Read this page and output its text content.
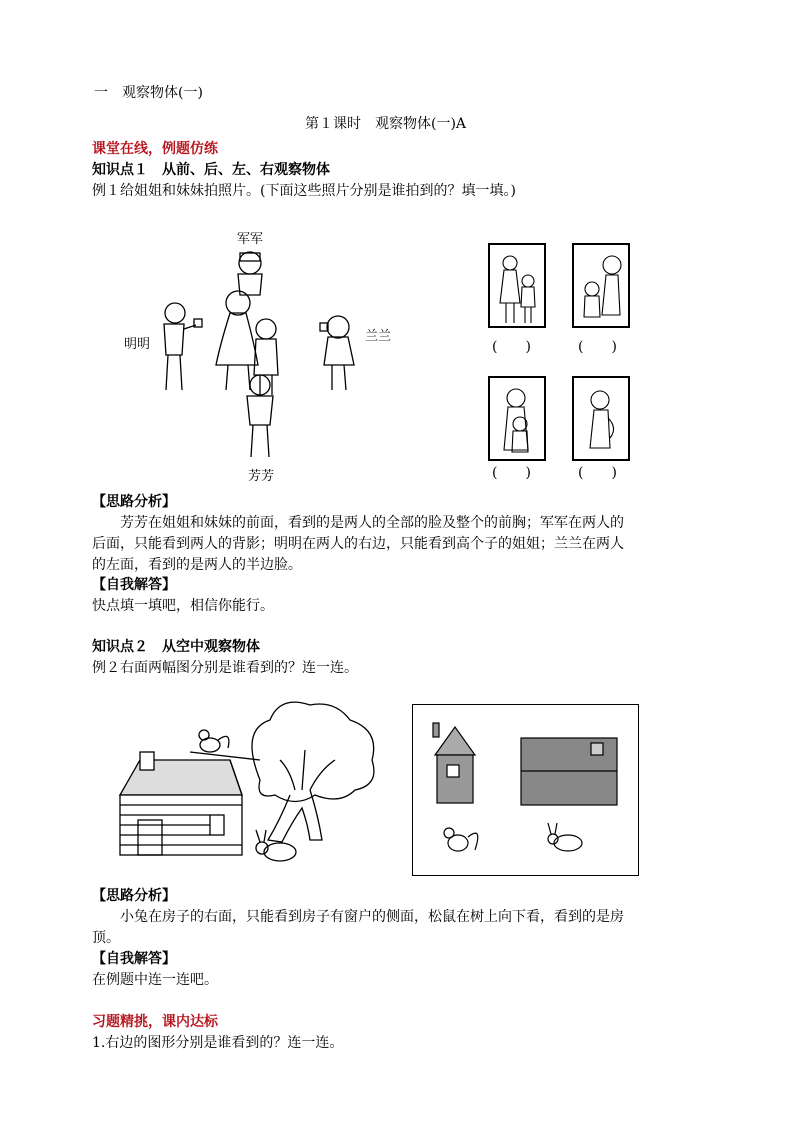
一　观察物体(一)
第１课时　观察物体(一)A
课堂在线，例题仿练
知识点１　从前、后、左、右观察物体
例１给姐姐和妹妹拍照片。(下面这些照片分别是谁拍到的？填一填。)
军军
明明
兰兰
芳芳
(　　)	(　　)
(　　)	(　　)
【思路分析】
芳芳在姐姐和妹妹的前面，看到的是两人的全部的脸及整个的前胸；军军在两人的
后面，只能看到两人的背影；明明在两人的右边，只能看到高个子的姐姐；兰兰在两人
的左面，看到的是两人的半边脸。
【自我解答】
快点填一填吧，相信你能行。
知识点２　从空中观察物体
例２右面两幅图分别是谁看到的？连一连。
【思路分析】
小兔在房子的右面，只能看到房子有窗户的侧面，松鼠在树上向下看，看到的是房
顶。
【自我解答】
在例题中连一连吧。
习题精挑，课内达标
1.右边的图形分别是谁看到的？连一连。
